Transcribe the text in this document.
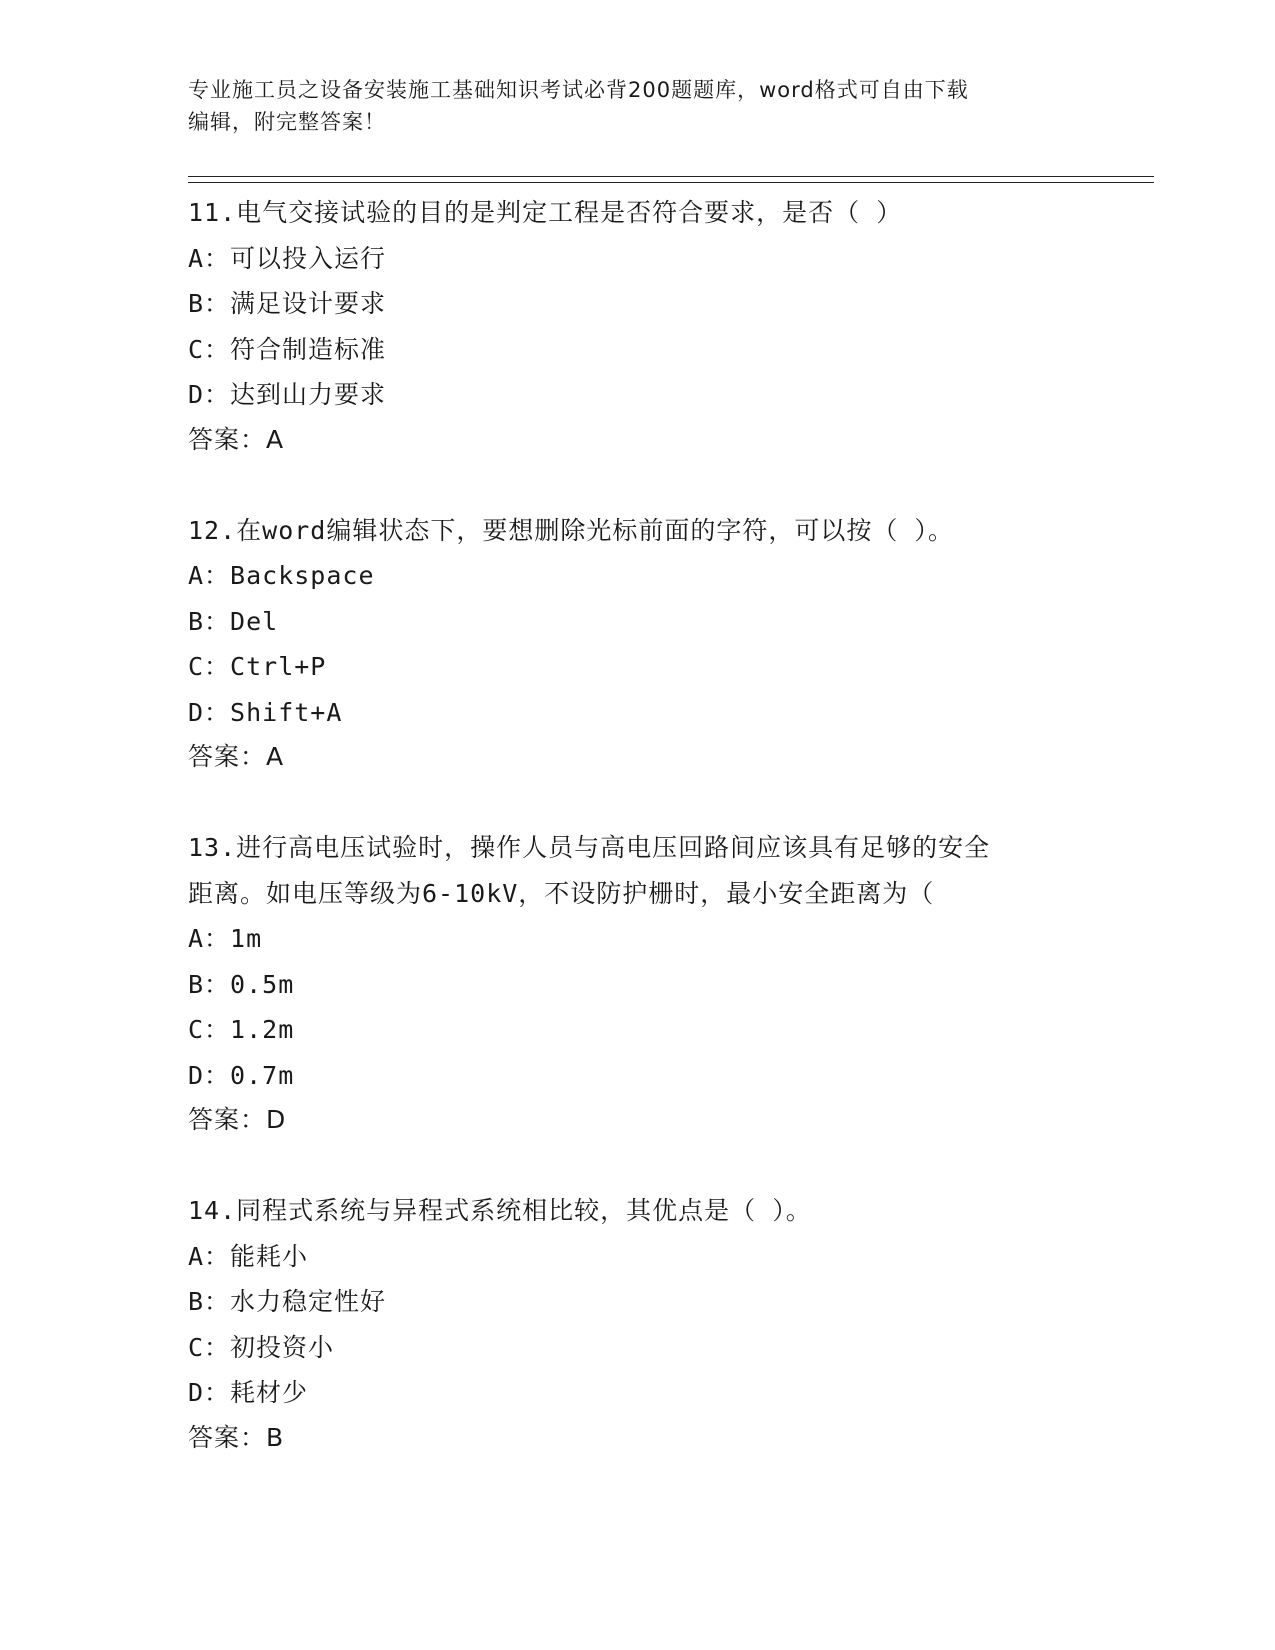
专业施工员之设备安装施工基础知识考试必背200题题库，word格式可自由下载
编辑，附完整答案！
11.电气交接试验的目的是判定工程是否符合要求，是否（ ）
A：可以投入运行
B：满足设计要求
C：符合制造标准
D：达到山力要求
答案：A
12.在word编辑状态下，要想删除光标前面的字符，可以按（ ）。
A：Backspace
B：Del
C：Ctrl+P
D：Shift+A
答案：A
13.进行高电压试验时，操作人员与高电压回路间应该具有足够的安全
距离。如电压等级为6-10kV，不设防护栅时，最小安全距离为（
A：1m
B：0.5m
C：1.2m
D：0.7m
答案：D
14.同程式系统与异程式系统相比较，其优点是（ ）。
A：能耗小
B：水力稳定性好
C：初投资小
D：耗材少
答案：B
